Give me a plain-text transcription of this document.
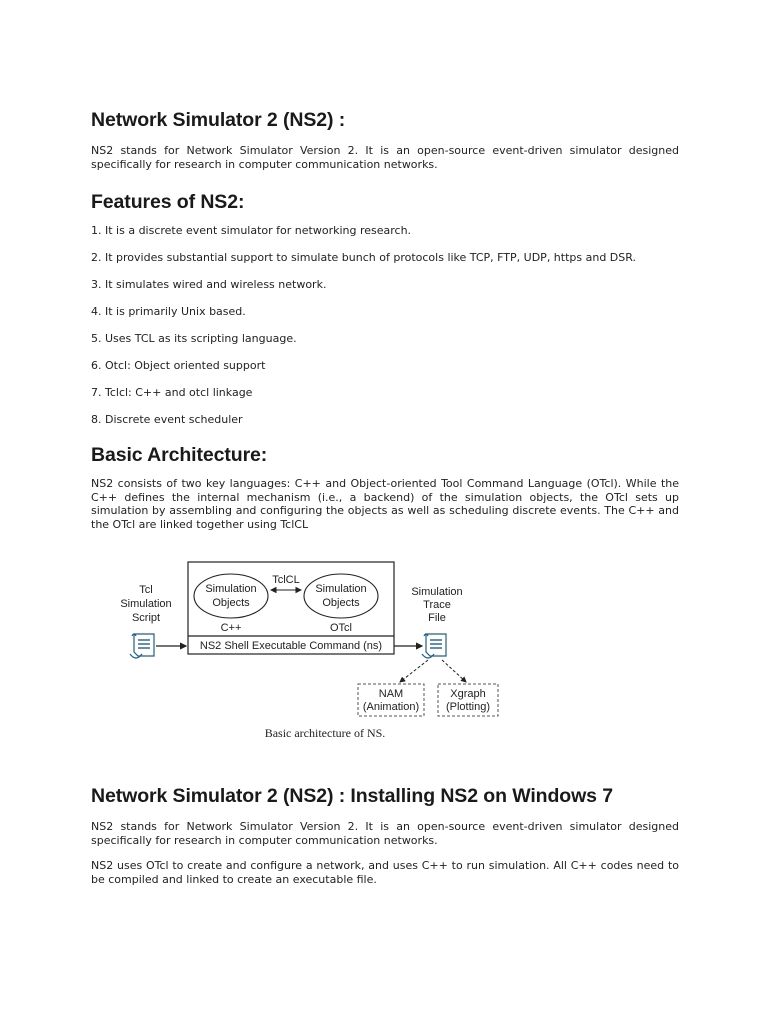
Network Simulator 2 (NS2) :

NS2 stands for Network Simulator Version 2. It is an open-source event-driven simulator designed specifically for research in computer communication networks.

Features of NS2:
1. It is a discrete event simulator for networking research.
2. It provides substantial support to simulate bunch of protocols like TCP, FTP, UDP, https and DSR.
3. It simulates wired and wireless network.
4. It is primarily Unix based.
5. Uses TCL as its scripting language.
6. Otcl: Object oriented support
7. Tclcl: C++ and otcl linkage
8. Discrete event scheduler
Basic Architecture:

NS2 consists of two key languages: C++ and Object-oriented Tool Command Language (OTcl). While the C++ defines the internal mechanism (i.e., a backend) of the simulation objects, the OTcl sets up simulation by assembling and configuring the objects as well as scheduling discrete events. The C++ and the OTcl are linked together using TclCL

Tcl
Simulation
Script
Simulation
Objects
Simulation
Objects
TclCL
C++	OTcl
NS2 Shell Executable Command (ns)
Simulation
Trace
File
NAM
(Animation)
Xgraph
(Plotting)
Basic architecture of NS.
Network Simulator 2 (NS2) : Installing NS2 on Windows 7

NS2 stands for Network Simulator Version 2. It is an open-source event-driven simulator designed specifically for research in computer communication networks.

NS2 uses OTcl to create and configure a network, and uses C++ to run simulation. All C++ codes need to be compiled and linked to create an executable file.
